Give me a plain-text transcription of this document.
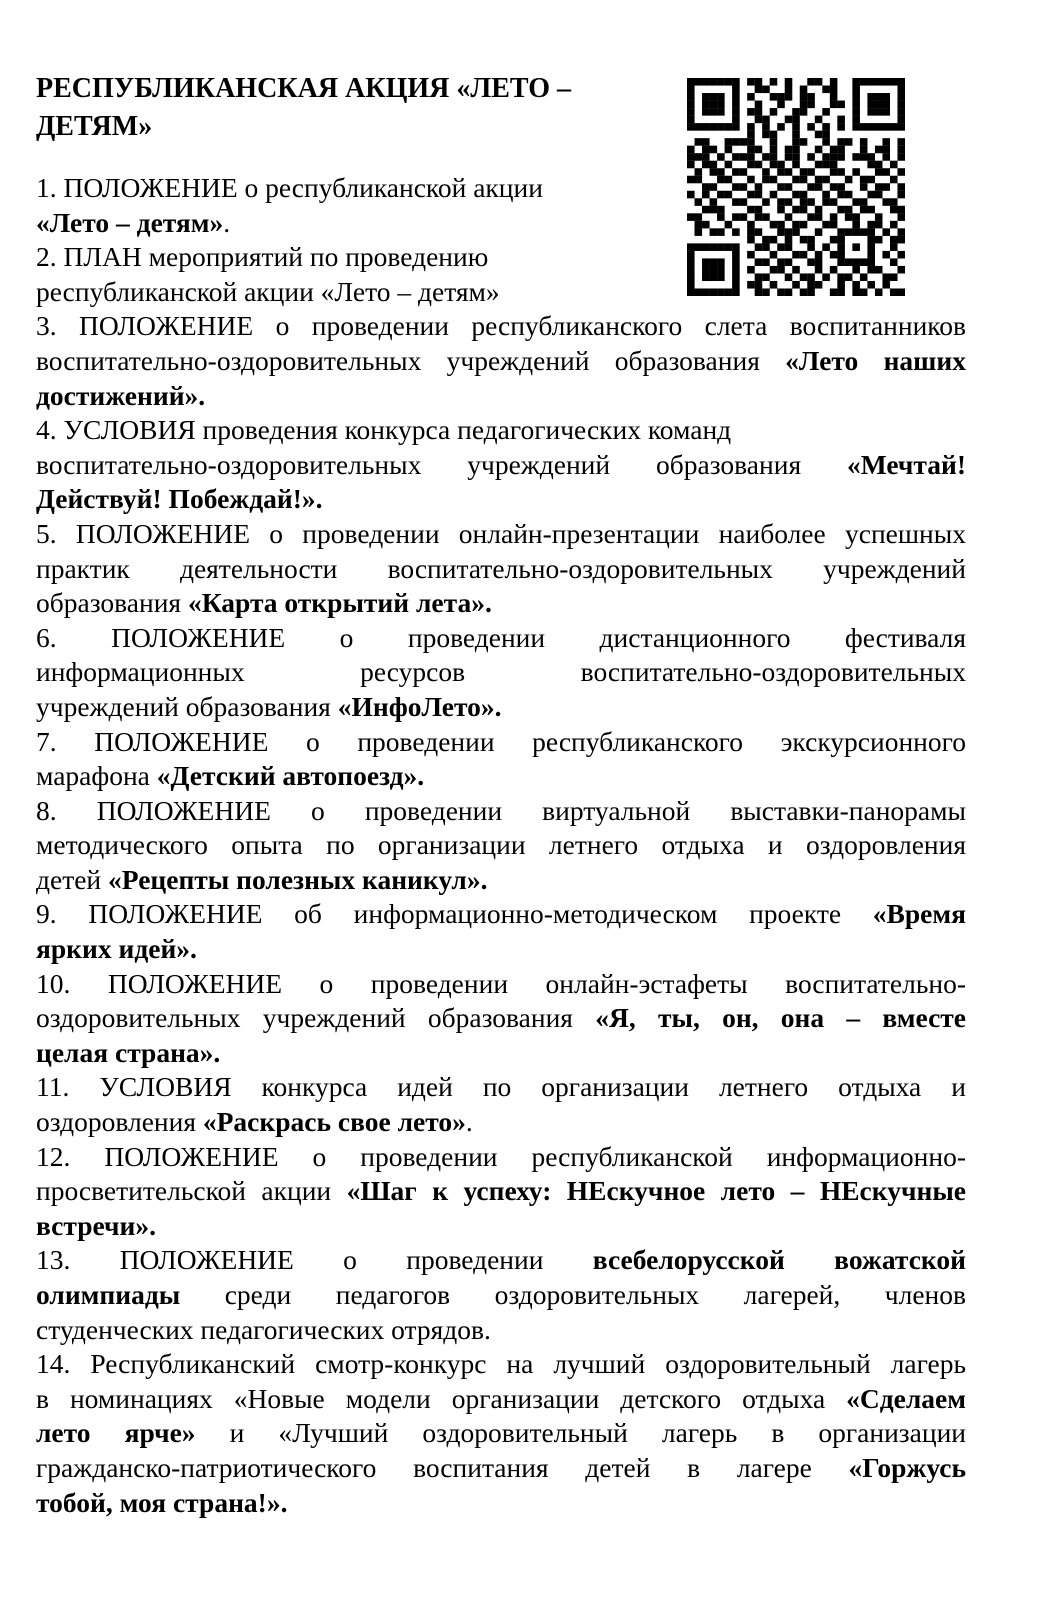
РЕСПУБЛИКАНСКАЯ АКЦИЯ «ЛЕТО –
ДЕТЯМ»
1. ПОЛОЖЕНИЕ о республиканской акции
«Лето – детям».
2. ПЛАН мероприятий по проведению
республиканской акции «Лето – детям»
3. ПОЛОЖЕНИЕ о проведении республиканского слета воспитанников
воспитательно-оздоровительных учреждений образования «Лето наших
достижений».
4. УСЛОВИЯ проведения конкурса педагогических команд
воспитательно-оздоровительных учреждений образования «Мечтай!
Действуй! Побеждай!».
5. ПОЛОЖЕНИЕ о проведении онлайн-презентации наиболее успешных
практик деятельности воспитательно-оздоровительных учреждений
образования «Карта открытий лета».
6. ПОЛОЖЕНИЕ о проведении дистанционного фестиваля
информационных ресурсов воспитательно-оздоровительных
учреждений образования «ИнфоЛето».
7. ПОЛОЖЕНИЕ о проведении республиканского экскурсионного
марафона «Детский автопоезд».
8. ПОЛОЖЕНИЕ о проведении виртуальной выставки-панорамы
методического опыта по организации летнего отдыха и оздоровления
детей «Рецепты полезных каникул».
9. ПОЛОЖЕНИЕ об информационно-методическом проекте «Время
ярких идей».
10. ПОЛОЖЕНИЕ о проведении онлайн-эстафеты воспитательно-
оздоровительных учреждений образования «Я, ты, он, она – вместе
целая страна».
11. УСЛОВИЯ конкурса идей по организации летнего отдыха и
оздоровления «Раскрась свое лето».
12. ПОЛОЖЕНИЕ о проведении республиканской информационно-
просветительской акции «Шаг к успеху: НЕскучное лето – НЕскучные
встречи».
13. ПОЛОЖЕНИЕ о проведении всебелорусской вожатской
олимпиады среди педагогов оздоровительных лагерей, членов
студенческих педагогических отрядов.
14. Республиканский смотр-конкурс на лучший оздоровительный лагерь
в номинациях «Новые модели организации детского отдыха «Сделаем
лето ярче» и «Лучший оздоровительный лагерь в организации
гражданско-патриотического воспитания детей в лагере «Горжусь
тобой, моя страна!».
